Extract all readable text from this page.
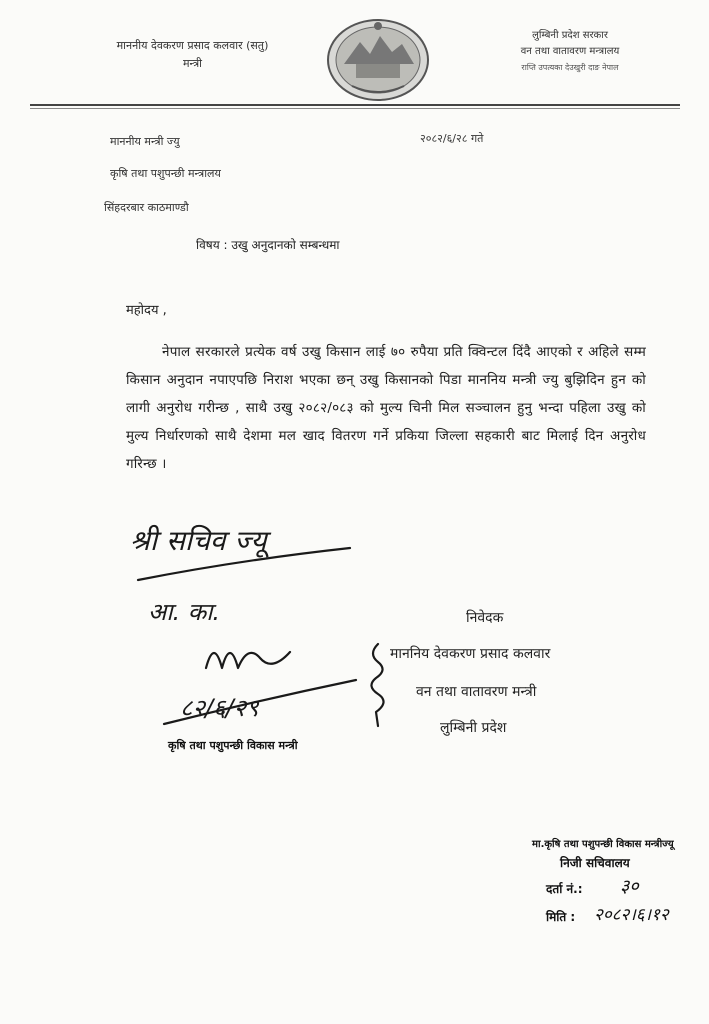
माननीय देवकरण प्रसाद कलवार (सतु)
मन्त्री
लुम्बिनी प्रदेश सरकार
वन तथा वातावरण मन्त्रालय
राप्ति उपत्यका देउखुरी दाङ नेपाल
माननीय मन्त्री ज्यु	२०८२/६/२८ गते
कृषि तथा पशुपन्छी मन्त्रालय
सिंहदरबार काठमाण्डौ
विषय : उखु अनुदानको सम्बन्धमा
महोदय ,
नेपाल सरकारले प्रत्येक वर्ष उखु किसान लाई ७० रुपैया प्रति क्विन्टल दिंदै आएको र अहिले सम्म किसान अनुदान नपाएपछि निराश भएका छन् उखु किसानको पिडा माननिय मन्त्री ज्यु बुझिदिन हुन को लागी अनुरोध गरीन्छ , साथै उखु २०८२/०८३ को मुल्य चिनी मिल सञ्चालन हुनु भन्दा पहिला उखु को मुल्य निर्धारणको साथै देशमा मल खाद वितरण गर्ने प्रकिया जिल्ला सहकारी बाट मिलाई दिन अनुरोध गरिन्छ ।
श्री सचिव ज्यू
आ. का.
८२/६/२९
कृषि तथा पशुपन्छी विकास मन्त्री
निवेदक
माननिय देवकरण प्रसाद कलवार
वन तथा वातावरण मन्त्री
लुम्बिनी प्रदेश
मा.कृषि तथा पशुपन्छी विकास मन्त्रीज्यू
निजी सचिवालय
दर्ता नं.: ३०
मिति : २०८२।६।१२
